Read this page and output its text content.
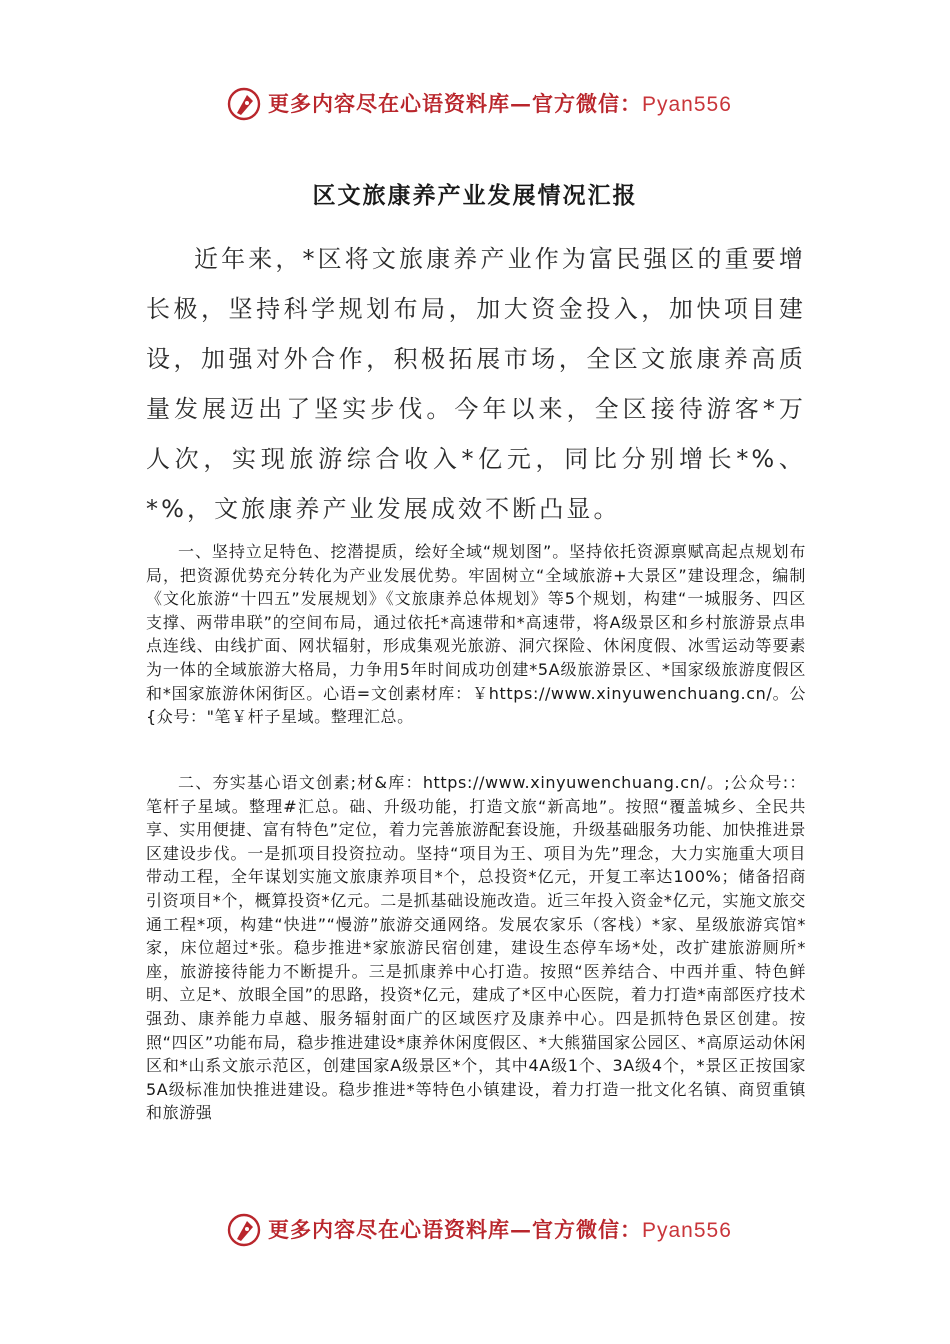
更多内容尽在心语资料库—官方微信：Pyan556
区文旅康养产业发展情况汇报

近年来，*区将文旅康养产业作为富民强区的重要增长极，坚持科学规划布局，加大资金投入，加快项目建设，加强对外合作，积极拓展市场，全区文旅康养高质量发展迈出了坚实步伐。今年以来，全区接待游客*万人次，实现旅游综合收入*亿元，同比分别增长*%、*%，文旅康养产业发展成效不断凸显。

一、坚持立足特色、挖潜提质，绘好全域“规划图”。坚持依托资源禀赋高起点规划布局，把资源优势充分转化为产业发展优势。牢固树立“全域旅游+大景区”建设理念，编制《文化旅游“十四五”发展规划》《文旅康养总体规划》等5个规划，构建“一城服务、四区支撑、两带串联”的空间布局，通过依托*高速带和*高速带，将A级景区和乡村旅游景点串点连线、由线扩面、网状辐射，形成集观光旅游、洞穴探险、休闲度假、冰雪运动等要素为一体的全域旅游大格局，力争用5年时间成功创建*5A级旅游景区、*国家级旅游度假区和*国家旅游休闲街区。心语=文创素材库：￥https://www.xinyuwenchuang.cn/。公{众号："笔￥杆子星域。整理汇总。

二、夯实基心语文创素;材&库：https://www.xinyuwenchuang.cn/。;公众号:：笔杆子星域。整理#汇总。础、升级功能，打造文旅“新高地”。按照“覆盖城乡、全民共享、实用便捷、富有特色”定位，着力完善旅游配套设施，升级基础服务功能、加快推进景区建设步伐。一是抓项目投资拉动。坚持“项目为王、项目为先”理念，大力实施重大项目带动工程，全年谋划实施文旅康养项目*个，总投资*亿元，开复工率达100%；储备招商引资项目*个，概算投资*亿元。二是抓基础设施改造。近三年投入资金*亿元，实施文旅交通工程*项，构建“快进”“慢游”旅游交通网络。发展农家乐（客栈）*家、星级旅游宾馆*家，床位超过*张。稳步推进*家旅游民宿创建，建设生态停车场*处，改扩建旅游厕所*座，旅游接待能力不断提升。三是抓康养中心打造。按照“医养结合、中西并重、特色鲜明、立足*、放眼全国”的思路，投资*亿元，建成了*区中心医院，着力打造*南部医疗技术强劲、康养能力卓越、服务辐射面广的区域医疗及康养中心。四是抓特色景区创建。按照“四区”功能布局，稳步推进建设*康养休闲度假区、*大熊猫国家公园区、*高原运动休闲区和*山系文旅示范区，创建国家A级景区*个，其中4A级1个、3A级4个，*景区正按国家5A级标准加快推进建设。稳步推进*等特色小镇建设，着力打造一批文化名镇、商贸重镇和旅游强

更多内容尽在心语资料库—官方微信：Pyan556
